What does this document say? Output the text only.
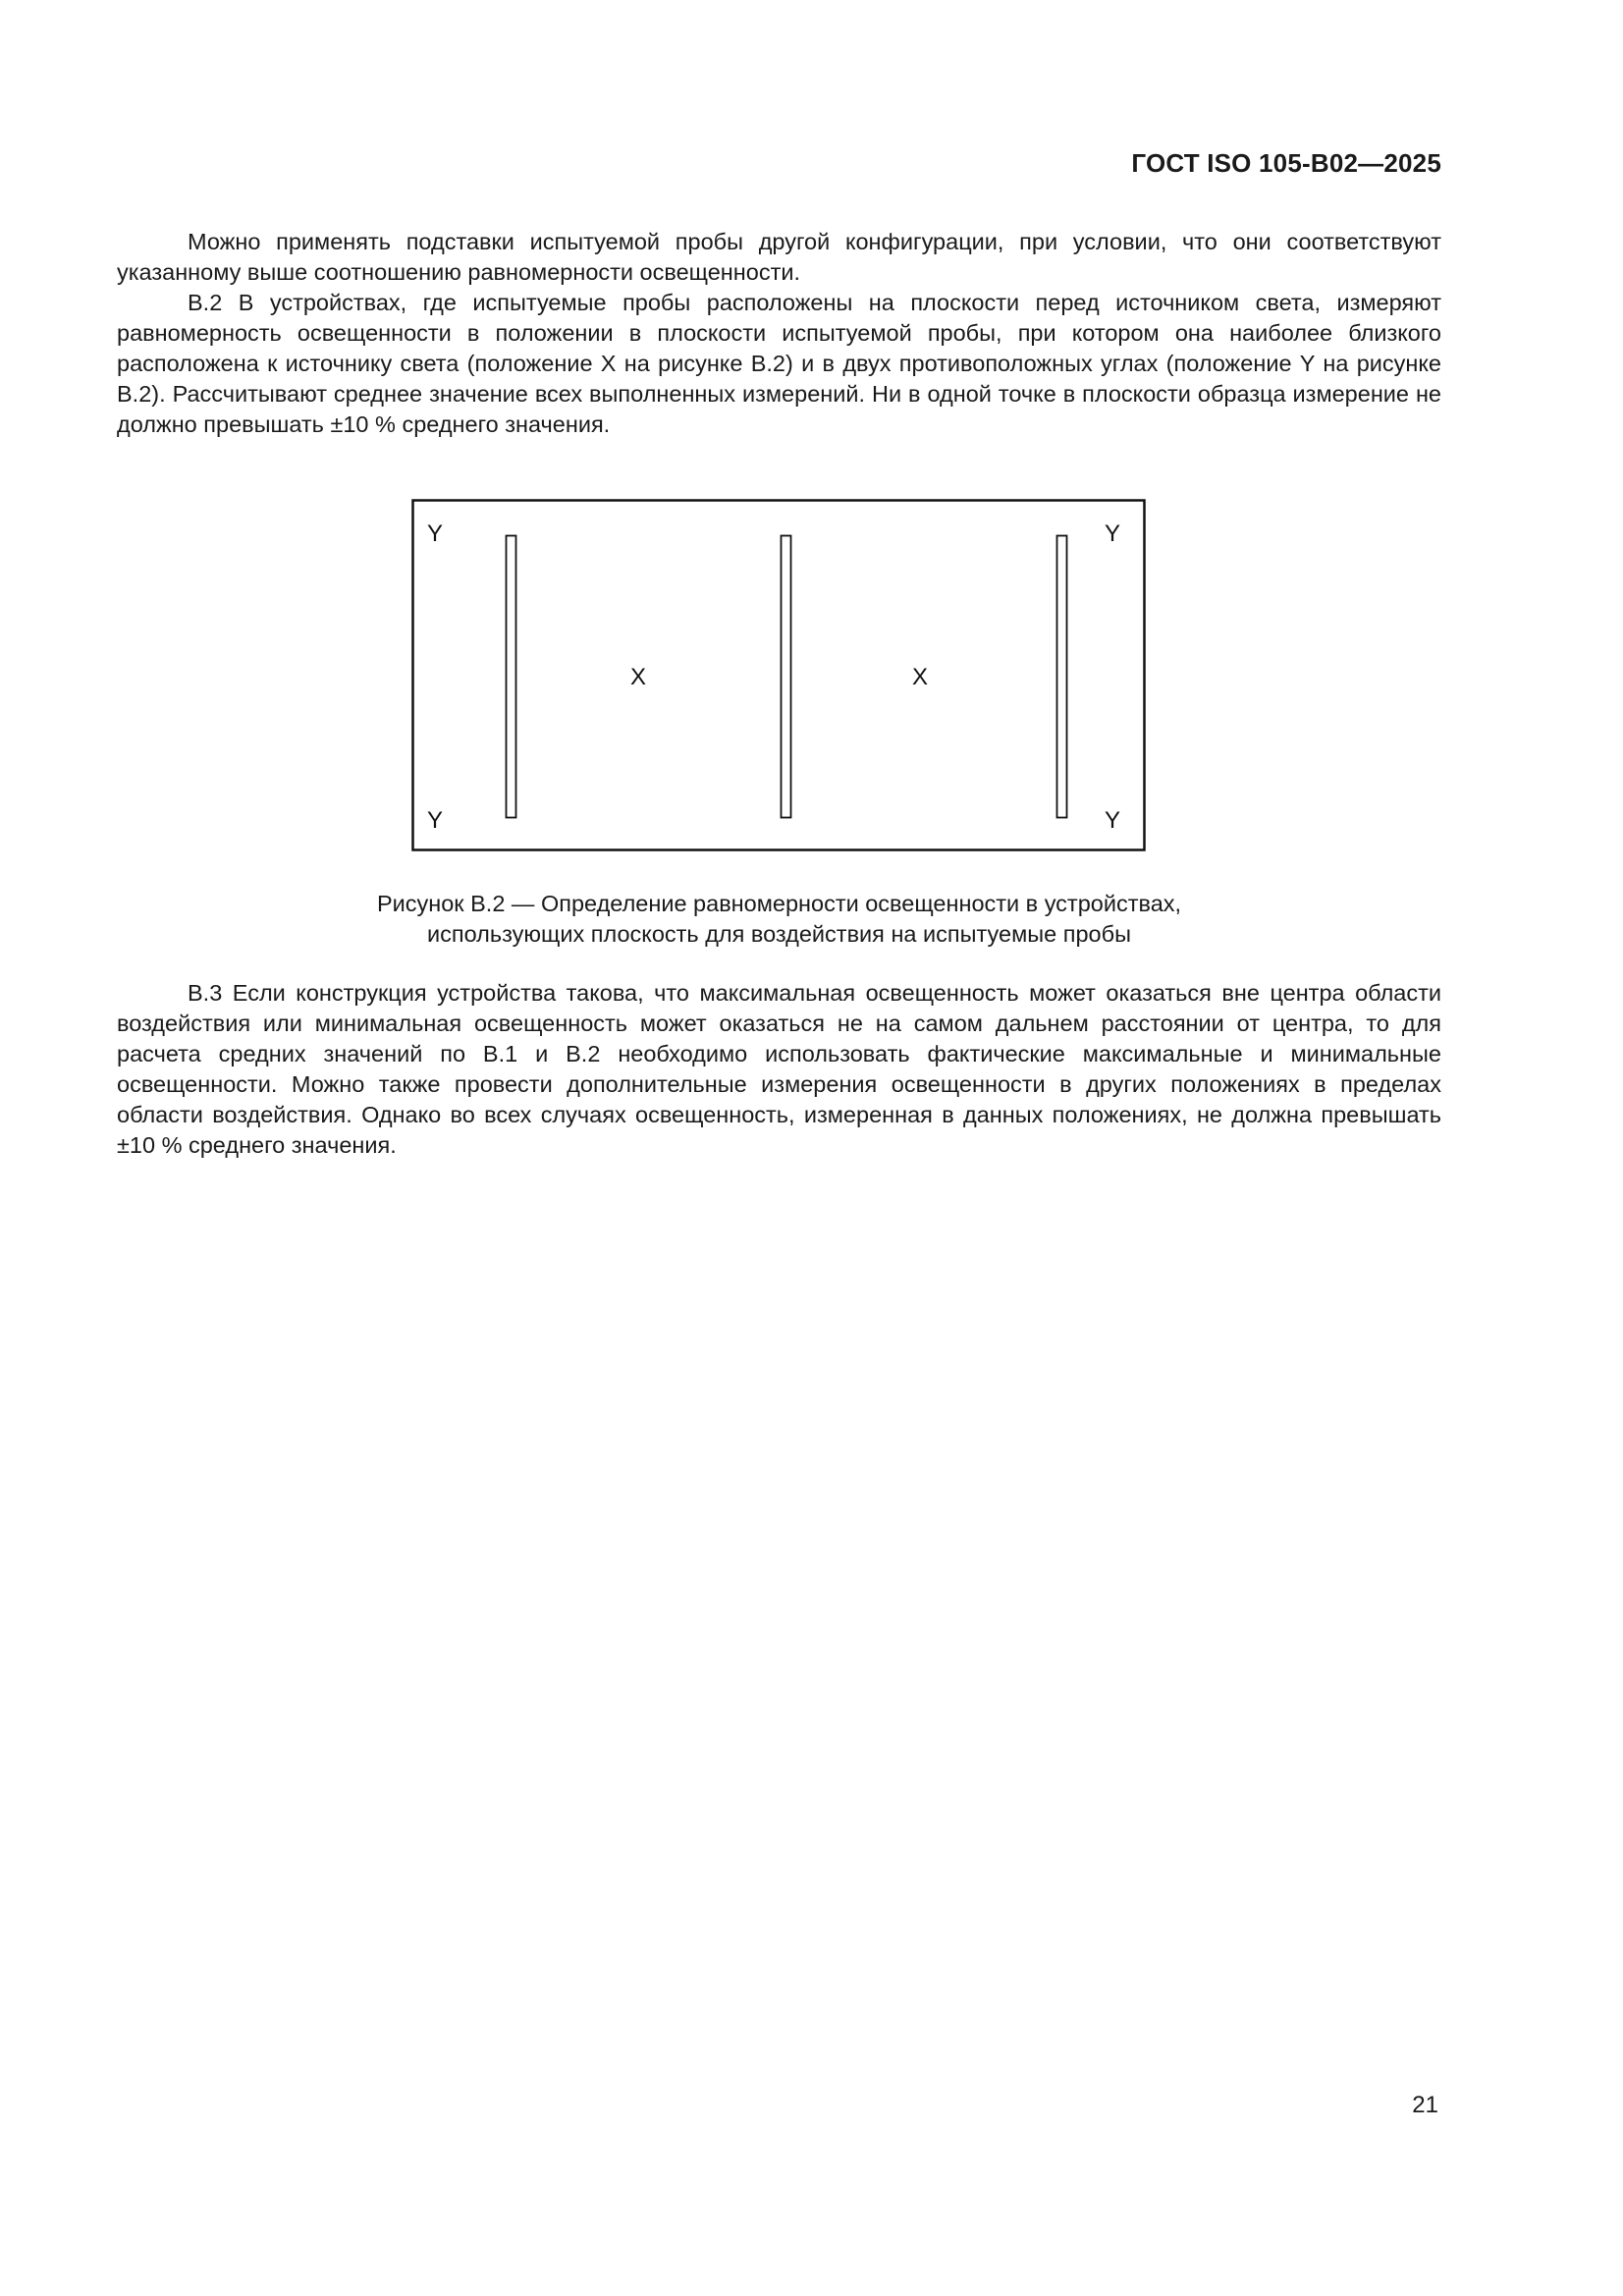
ГОСТ ISO 105-B02—2025

Можно применять подставки испытуемой пробы другой конфигурации, при условии, что они соответствуют указанному выше соотношению равномерности освещенности.

B.2 В устройствах, где испытуемые пробы расположены на плоскости перед источником света, измеряют равномерность освещенности в положении в плоскости испытуемой пробы, при котором она наиболее близкого расположена к источнику света (положение X на рисунке B.2) и в двух противоположных углах (положение Y на рисунке B.2). Рассчитывают среднее значение всех выполненных измерений. Ни в одной точке в плоскости образца измерение не должно превышать ±10 % среднего значения.

Y	Y
Y	Y
X	X
Рисунок B.2 — Определение равномерности освещенности в устройствах,
использующих плоскость для воздействия на испытуемые пробы

B.3 Если конструкция устройства такова, что максимальная освещенность может оказаться вне центра области воздействия или минимальная освещенность может оказаться не на самом дальнем расстоянии от центра, то для расчета средних значений по B.1 и B.2 необходимо использовать фактические максимальные и минимальные освещенности. Можно также провести дополнительные измерения освещенности в других положениях в пределах области воздействия. Однако во всех случаях освещенность, измеренная в данных положениях, не должна превышать ±10 % среднего значения.

21
